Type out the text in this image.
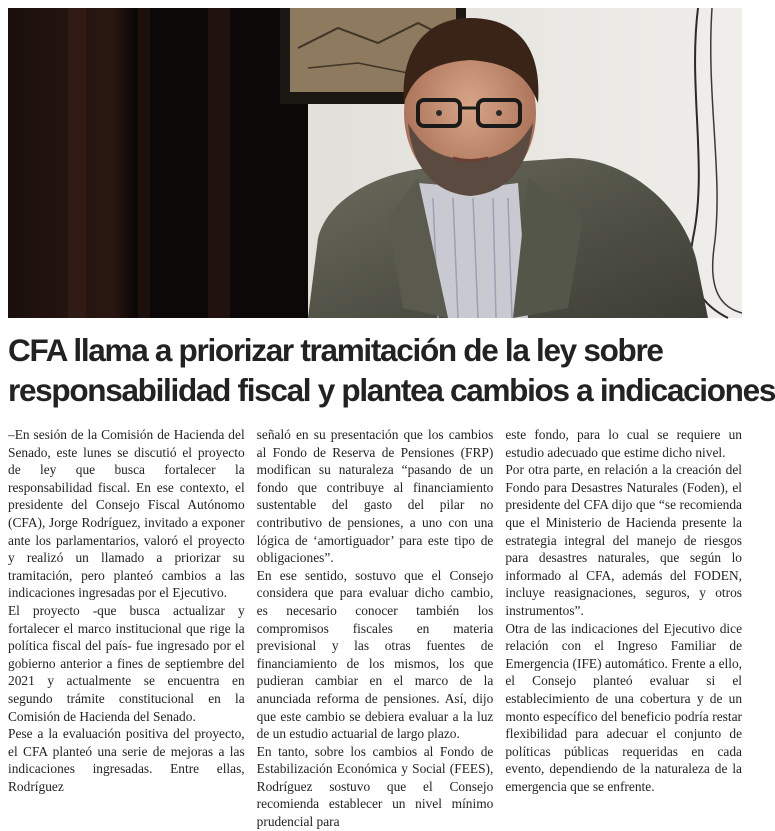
CFA llama a priorizar tramitación de la ley sobre
responsabilidad fiscal y plantea cambios a indicaciones

–En sesión de la Comisión de Hacienda del Senado, este lunes se discutió el proyecto de ley que busca fortalecer la responsabilidad fiscal. En ese contexto, el presidente del Consejo Fiscal Autónomo (CFA), Jorge Rodríguez, invitado a exponer ante los parlamentarios, valoró el proyecto y realizó un llamado a priorizar su tramitación, pero planteó cambios a las indicaciones ingresadas por el Ejecutivo.

El proyecto -que busca actualizar y fortalecer el marco institucional que rige la política fiscal del país- fue ingresado por el gobierno anterior a fines de septiembre del 2021 y actualmente se encuentra en segundo trámite constitucional en la Comisión de Hacienda del Senado.

Pese a la evaluación positiva del proyecto, el CFA planteó una serie de mejoras a las indicaciones ingresadas. Entre ellas, Rodríguez

señaló en su presentación que los cambios al Fondo de Reserva de Pensiones (FRP) modifican su naturaleza “pasando de un fondo que contribuye al financiamiento sustentable del gasto del pilar no contributivo de pensiones, a uno con una lógica de ‘amortiguador’ para este tipo de obligaciones”.

En ese sentido, sostuvo que el Consejo considera que para evaluar dicho cambio, es necesario conocer también los compromisos fiscales en materia previsional y las otras fuentes de financiamiento de los mismos, los que pudieran cambiar en el marco de la anunciada reforma de pensiones. Así, dijo que este cambio se debiera evaluar a la luz de un estudio actuarial de largo plazo.

En tanto, sobre los cambios al Fondo de Estabilización Económica y Social (FEES), Rodríguez sostuvo que el Consejo recomienda establecer un nivel mínimo prudencial para

este fondo, para lo cual se requiere un estudio adecuado que estime dicho nivel.

Por otra parte, en relación a la creación del Fondo para Desastres Naturales (Foden), el presidente del CFA dijo que “se recomienda que el Ministerio de Hacienda presente la estrategia integral del manejo de riesgos para desastres naturales, que según lo informado al CFA, además del FODEN, incluye reasignaciones, seguros, y otros instrumentos”.

Otra de las indicaciones del Ejecutivo dice relación con el Ingreso Familiar de Emergencia (IFE) automático. Frente a ello, el Consejo planteó evaluar si el establecimiento de una cobertura y de un monto específico del beneficio podría restar flexibilidad para adecuar el conjunto de políticas públicas requeridas en cada evento, dependiendo de la naturaleza de la emergencia que se enfrente.
